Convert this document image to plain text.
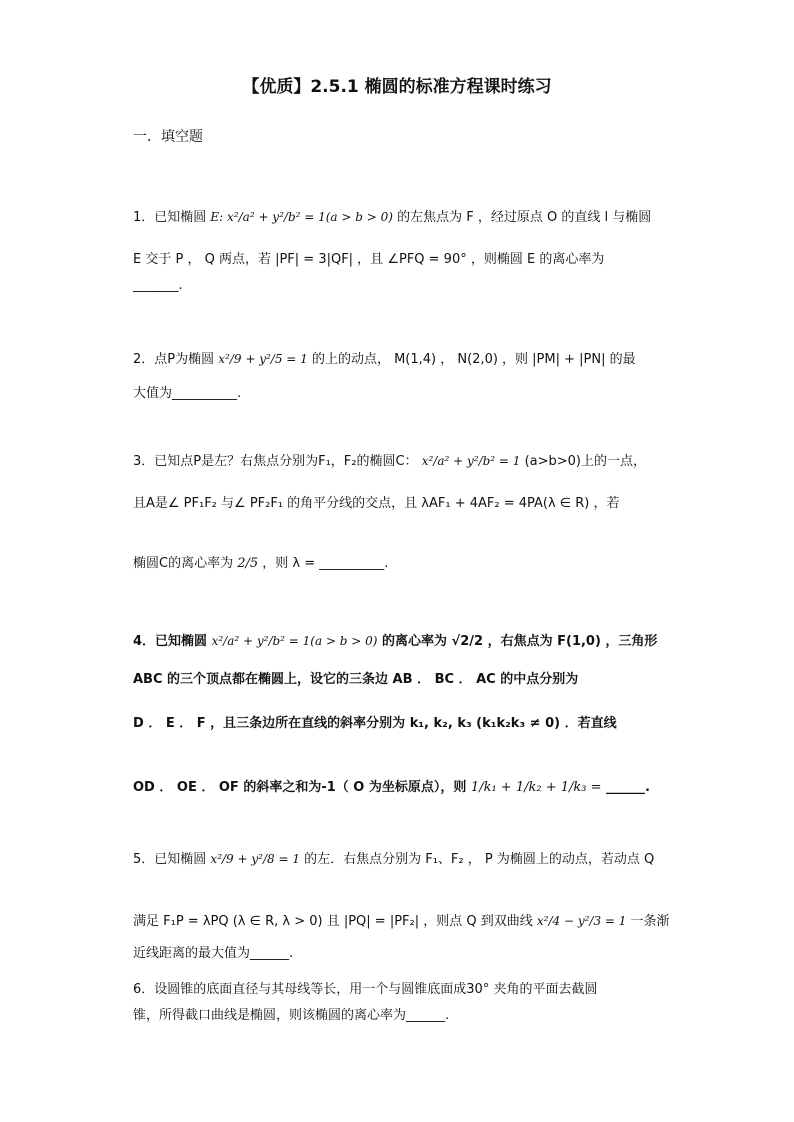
【优质】2.5.1 椭圆的标准方程课时练习
一．填空题
1．已知椭圆 E: x²/a² + y²/b² = 1(a > b > 0) 的左焦点为 F ，经过原点 O 的直线 l 与椭圆
E 交于 P ， Q 两点，若 |PF| = 3|QF| ，且 ∠PFQ = 90° ，则椭圆 E 的离心率为
_______.
2．点P为椭圆 x²/9 + y²/5 = 1 的上的动点， M(1,4) ， N(2,0) ，则 |PM| + |PN| 的最
大值为__________.
3．已知点P是左？右焦点分别为F₁，F₂的椭圆C： x²/a² + y²/b² = 1 (a>b>0)上的一点，
且A是∠ PF₁F₂ 与∠ PF₂F₁ 的角平分线的交点，且 λAF₁ + 4AF₂ = 4PA(λ ∈ R) ，若
椭圆C的离心率为 2/5 ，则 λ = __________.
4．已知椭圆 x²/a² + y²/b² = 1(a > b > 0) 的离心率为 √2/2 ，右焦点为 F(1,0) ，三角形
ABC 的三个顶点都在椭圆上，设它的三条边 AB ． BC ． AC 的中点分别为
D ． E ． F ，且三条边所在直线的斜率分别为 k₁, k₂, k₃ (k₁k₂k₃ ≠ 0) ．若直线
OD ． OE ． OF 的斜率之和为-1（ O 为坐标原点），则 1/k₁ + 1/k₂ + 1/k₃ = ______.
5．已知椭圆 x²/9 + y²/8 = 1 的左．右焦点分别为 F₁、F₂ ， P 为椭圆上的动点，若动点 Q
满足 F₁P = λPQ (λ ∈ R, λ > 0) 且 |PQ| = |PF₂| ，则点 Q 到双曲线 x²/4 − y²/3 = 1 一条渐
近线距离的最大值为______.
6．设圆锥的底面直径与其母线等长，用一个与圆锥底面成30° 夹角的平面去截圆
锥，所得截口曲线是椭圆，则该椭圆的离心率为______.
